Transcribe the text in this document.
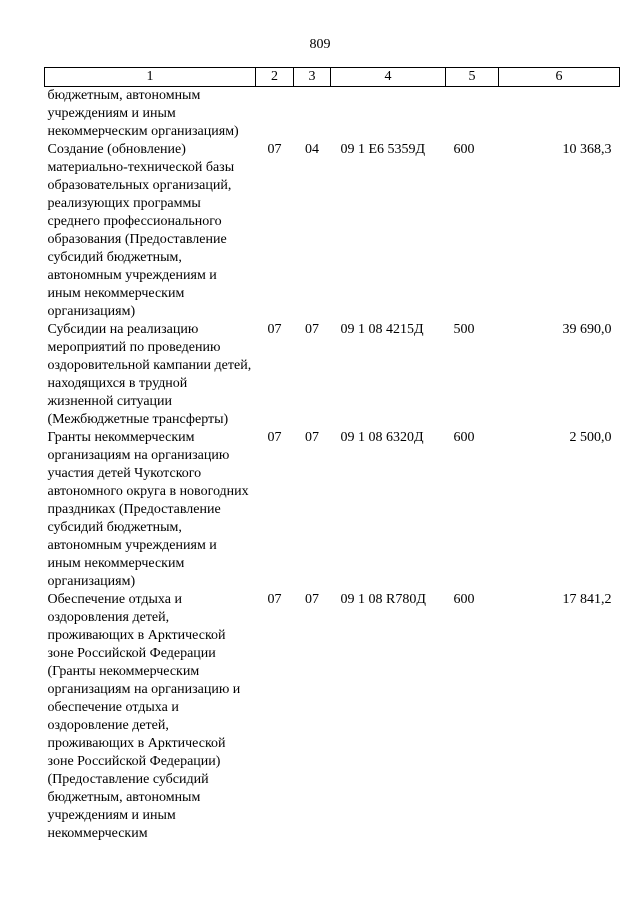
809
1	2	3	4	5	6
бюджетным, автономным учреждениям и иным некоммерческим организациям)					
Создание (обновление) материально-технической базы образовательных организаций, реализующих программы среднего профессионального образования (Предоставление субсидий бюджетным, автономным учреждениям и иным некоммерческим организациям)	07	04	09 1 Е6 5359Д	600	10 368,3
Субсидии на реализацию мероприятий по проведению оздоровительной кампании детей, находящихся в трудной жизненной ситуации (Межбюджетные трансферты)	07	07	09 1 08 4215Д	500	39 690,0
Гранты некоммерческим организациям на организацию участия детей Чукотского автономного округа в новогодних праздниках (Предоставление субсидий бюджетным, автономным учреждениям и иным некоммерческим организациям)	07	07	09 1 08 6320Д	600	2 500,0
Обеспечение отдыха и оздоровления детей, проживающих в Арктической зоне Российской Федерации (Гранты некоммерческим организациям на организацию и обеспечение отдыха и оздоровление детей, проживающих в Арктической зоне Российской Федерации) (Предоставление субсидий бюджетным, автономным учреждениям и иным некоммерческим	07	07	09 1 08 R780Д	600	17 841,2
